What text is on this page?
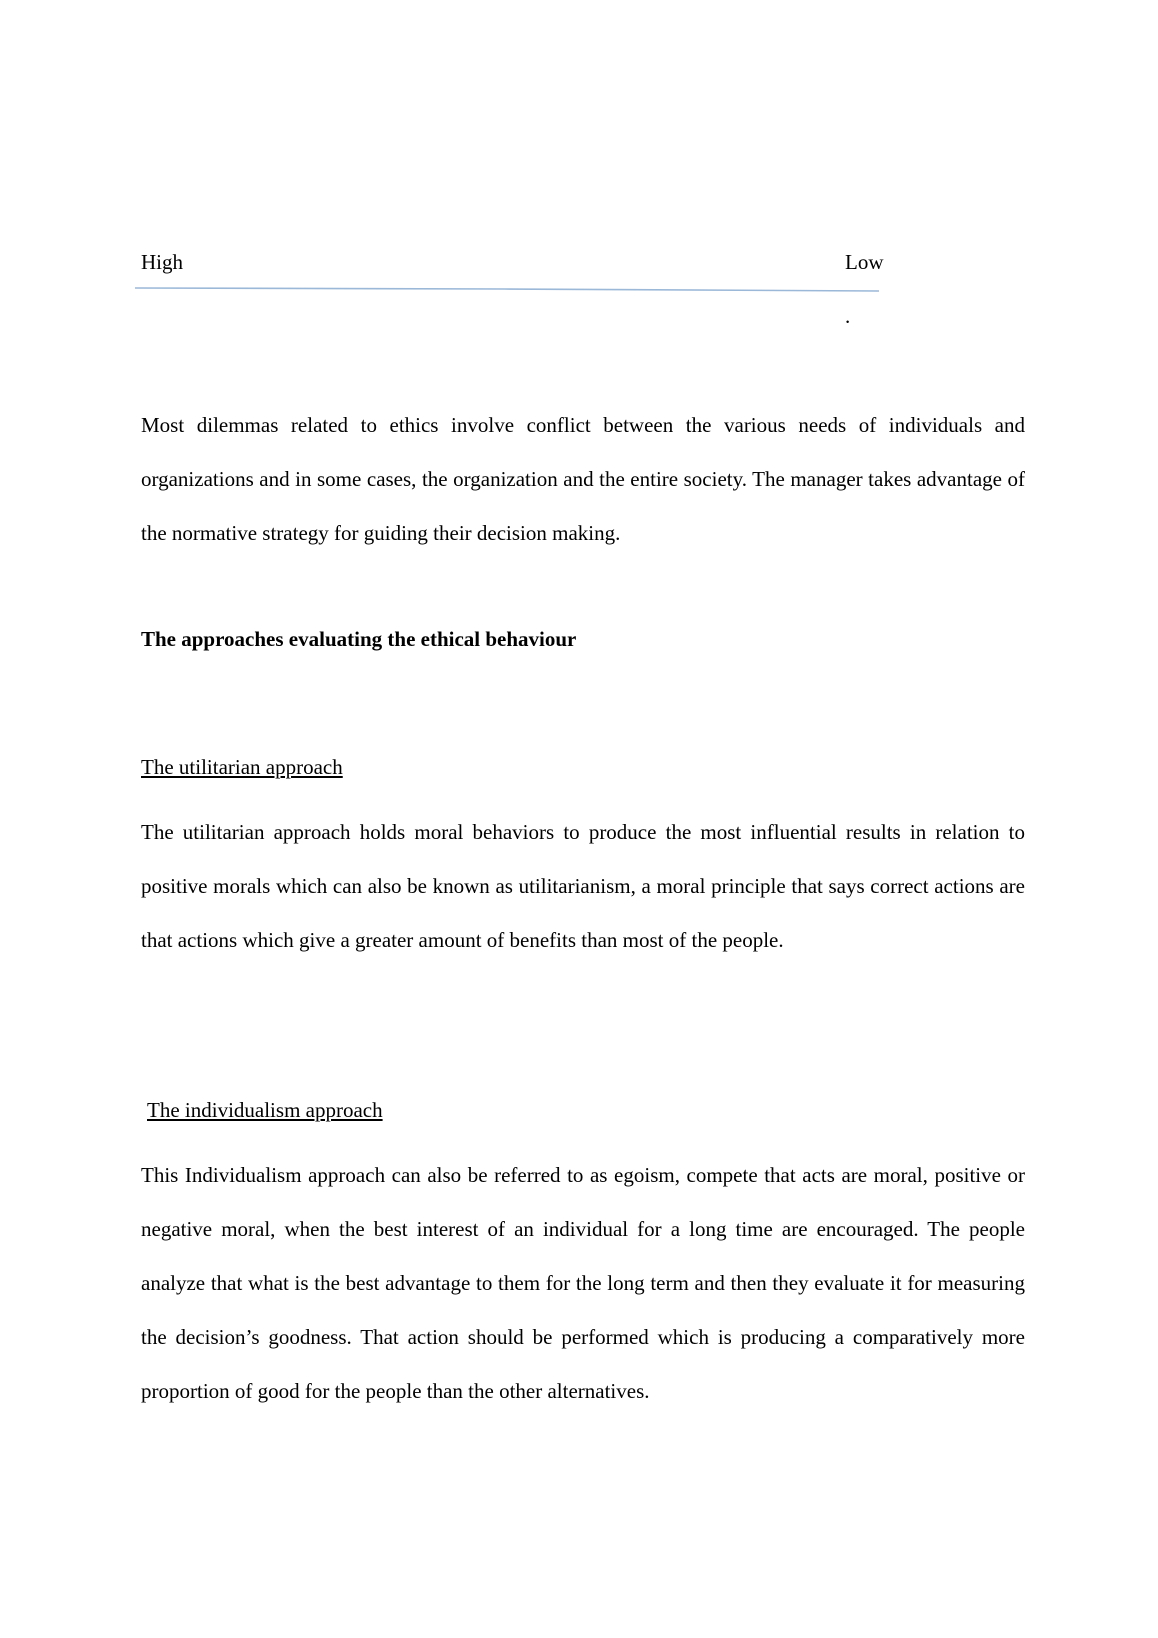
High	Low
.

Most dilemmas related to ethics involve conflict between the various needs of individuals and organizations and in some cases, the organization and the entire society. The manager takes advantage of the normative strategy for guiding their decision making.

The approaches evaluating the ethical behaviour

The utilitarian approach

The utilitarian approach holds moral behaviors to produce the most influential results in relation to positive morals which can also be known as utilitarianism, a moral principle that says correct actions are that actions which give a greater amount of benefits than most of the people.

The individualism approach

This Individualism approach can also be referred to as egoism, compete that acts are moral, positive or negative moral, when the best interest of an individual for a long time are encouraged. The people analyze that what is the best advantage to them for the long term and then they evaluate it for measuring the decision’s goodness. That action should be performed which is producing a comparatively more proportion of good for the people than the other alternatives.
